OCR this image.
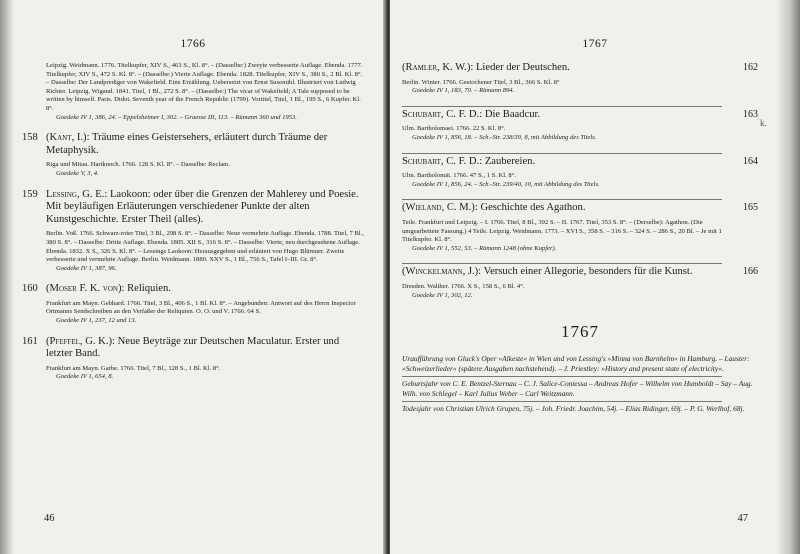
1766
Leipzig. Weidmann. 1776. Titelkupfer, XIV S., 463 S., Kl. 8°. – (Dasselbe:) Zweyte verbesserte Auflage. Ebenda. 1777. Titelkupfer, XIV S., 472 S. Kl. 8°. – (Dasselbe:) Vierte Auflage. Ebenda. 1828. Titelkupfer, XIV S., 380 S., 2 Bl. Kl. 8°. – Dasselbe: Der Landprediger von Wakefield. Eine Erzählung. Uebersetzt von Ernst Susemihl. Illustriert von Ludwig Richter. Leipzig. Wigand. 1841. Titel, 1 Bl., 272 S. 8°. – (Dasselbe:) The vicar of Wakefield; A Tale supposed to be written by himself. Paris. Didot. Seventh year of the French Republic (1799). Vortitel, Titel, 1 Bl., 199 S., 6 Kupfer. Kl. 8°.
Goedeke IV 1, 386, 24. – Eppelsheimer I, 302. – Graesse III, 113. – Rümann 360 und 1953.
158 (Kant, I.): Träume eines Geistersehers, erläutert durch Träume der Metaphysik.
Riga und Mitau. Hartknoch. 1766. 128 S. Kl. 8°. – Dasselbe: Reclam.
Goedeke V, 3, 4.
159 Lessing, G. E.: Laokoon: oder über die Grenzen der Mahlerey und Poesie. Mit beyläufigen Erläuterungen verschiedener Punkte der alten Kunstgeschichte. Erster Theil (alles).
Berlin. Voß. 1766. Schwarz-roter Titel, 3 Bl., 298 S. 8°. – Dasselbe: Neue vermehrte Auflage. Ebenda. 1788. Titel, 7 Bl., 380 S. 8°. – Dasselbe: Dritte Auflage. Ebenda. 1805. XII S., 316 S. 8°. – Dasselbe: Vierte, neu durchgesehene Auflage. Ebenda. 1832. X S., 326 S. Kl. 8°. – Lessings Laokoon: Herausgegeben und erläutert von Hugo Blümner. Zweite verbesserte und vermehrte Auflage. Berlin. Weidmann. 1880. XXV S., 1 Bl., 756 S., Tafel I–III. Gr. 8°.
Goedeke IV 1, 387, 96.
160 (Moser F. K. von): Reliquien.
Frankfurt am Mayn. Gebhard. 1766. Titel, 3 Bl., 406 S., 1 Bl. Kl. 8°. – Angebunden: Antwort auf des Herrn Inspector Ortmanns Sendschreiben an den Verfaßer der Reliquien. O. O. und V. 1766. 64 S.
Goedeke IV 1, 237, 12 und 13.
161 (Pfeffel, G. K.): Neue Beyträge zur Deutschen Maculatur. Erster und letzter Band.
Frankfurt am Mayn. Garbe. 1766. Titel, 7 Bl., 128 S., 1 Bl. Kl. 8°.
Goedeke IV 1, 654, 8.
46
1767
162
(Ramler, K. W.): Lieder der Deutschen.
Berlin. Winter. 1766. Gestochener Titel, 3 Bl., 366 S. Kl. 8°
Goedeke IV 1, 183, 70. – Rümann 894.
163
Schubart, C. F. D.: Die Baadcur.
Ulm. Bartholomaei. 1766. 22 S. Kl. 8°.
Goedeke IV 1, 856, 18. – Sch.-Str. 238/39, 8, mit Abbildung des Titels.
164
Schubart, C. F. D.: Zaubereien.
Ulm. Bartholomäi. 1766. 47 S., 1 S. Kl. 8°.
Goedeke IV 1, 856, 24. – Sch.-Str. 239/40, 10, mit Abbildung des Titels.
165
(Wieland, C. M.): Geschichte des Agathon.
Teile. Frankfurt und Leipzig. – I. 1766. Titel, 8 Bl., 392 S. – II. 1767. Titel, 353 S. 8°. – (Derselbe): Agathon. (Die umgearbeitete Fassung.) 4 Teile. Leipzig. Weidmann. 1773. – XVI S., 358 S. – 316 S. – 324 S. – 286 S., 20 Bl. – Je mit 1 Titelkupfer. Kl. 8°.
Goedeke IV 1, 552, 53. – Rümann 1248 (ohne Kupfer).
166
(Winckelmann, J.): Versuch einer Allegorie, besonders für die Kunst.
Dresden. Walther. 1766. X S., 158 S., 6 Bl. 4°.
Goedeke IV 1, 302, 12.
1767

Uraufführung von Gluck's Oper »Alkeste« in Wien und von Lessing's »Minna von Barnhelm« in Hamburg. – Lauster: »Schweizerlieder« (spätere Ausgaben nachstehend). – J. Priestley: »History and present state of electricity«.

Geburtsjahr von C. E. Bentzel-Sternau – C. J. Salice-Contessa – Andreas Hofer – Wilhelm von Humboldt – Say – Aug. Wilh. von Schlegel – Karl Julius Weber – Carl Weitzmann.

Todesjahr von Christian Ulrich Grupen, 75j. – Joh. Friedr. Joachim, 54j. – Elias Ridinger, 69j. – P. G. Werlhof, 68j.

k.
47
